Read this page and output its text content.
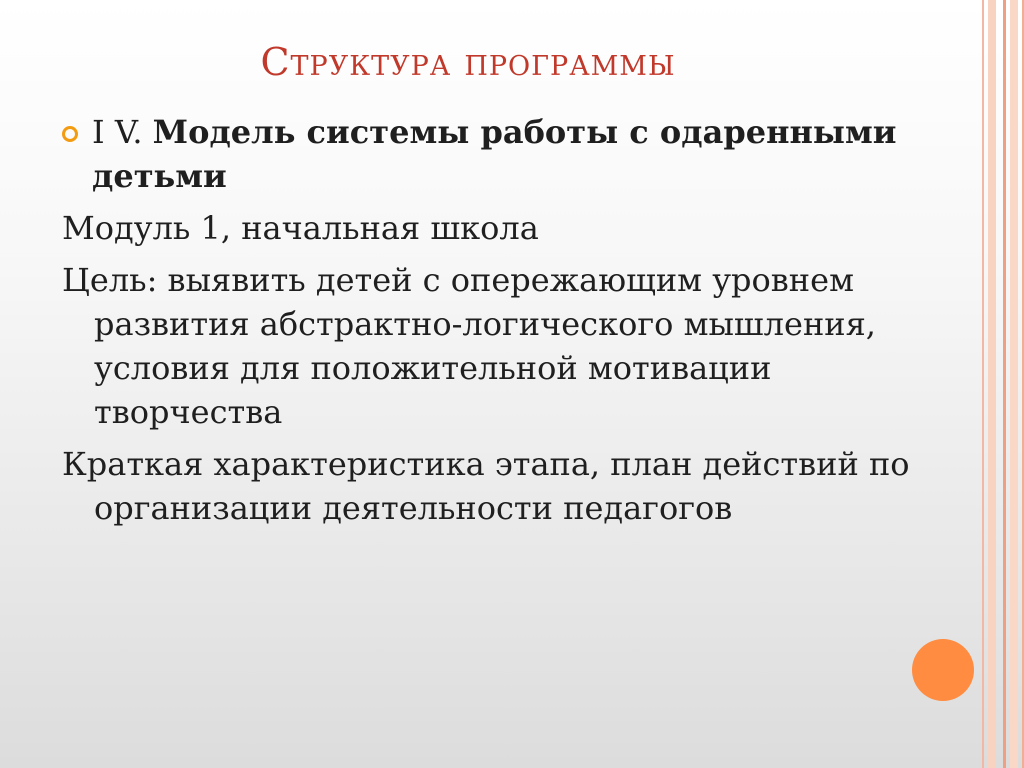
Структура программы
I V. Модель системы работы с одаренными детьми
Модуль 1, начальная школа
Цель: выявить детей с опережающим уровнем развития абстрактно-логического мышления, условия для положительной мотивации творчества
Краткая характеристика этапа, план действий по организации деятельности педагогов
